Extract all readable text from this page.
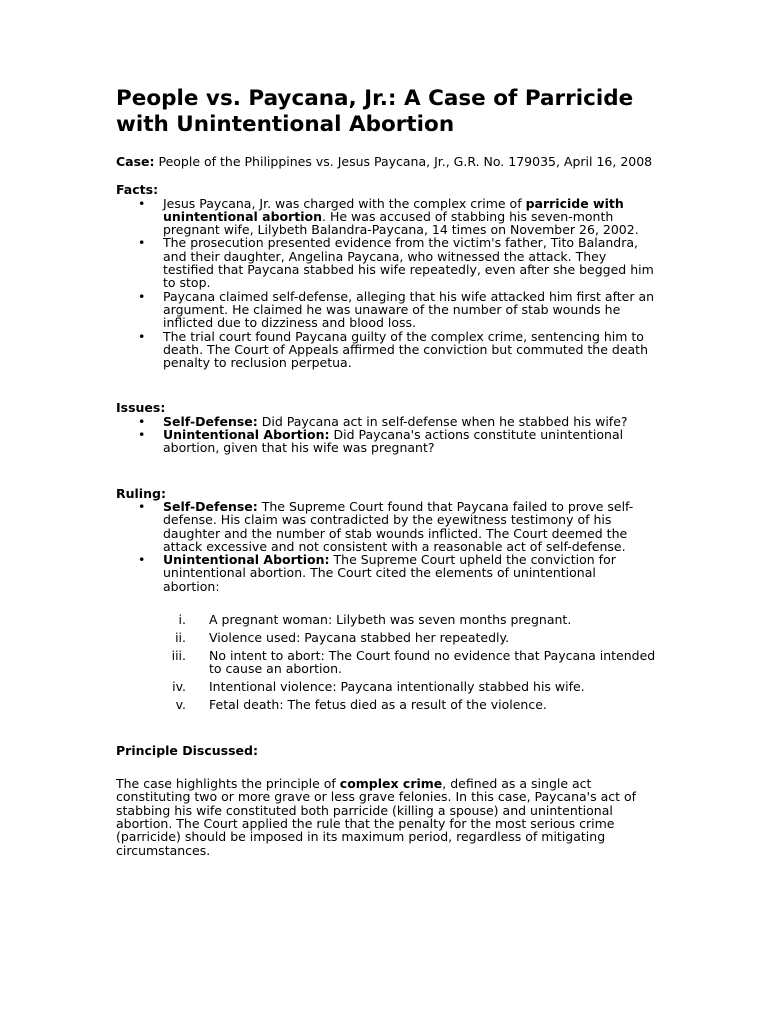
People vs. Paycana, Jr.: A Case of Parricide with Unintentional Abortion

Case: People of the Philippines vs. Jesus Paycana, Jr., G.R. No. 179035, April 16, 2008

Facts:

• Jesus Paycana, Jr. was charged with the complex crime of parricide with unintentional abortion. He was accused of stabbing his seven-month pregnant wife, Lilybeth Balandra-Paycana, 14 times on November 26, 2002.
• The prosecution presented evidence from the victim's father, Tito Balandra, and their daughter, Angelina Paycana, who witnessed the attack. They testified that Paycana stabbed his wife repeatedly, even after she begged him to stop.
• Paycana claimed self-defense, alleging that his wife attacked him first after an argument. He claimed he was unaware of the number of stab wounds he inflicted due to dizziness and blood loss.
• The trial court found Paycana guilty of the complex crime, sentencing him to death. The Court of Appeals affirmed the conviction but commuted the death penalty to reclusion perpetua.

Issues:

• Self-Defense: Did Paycana act in self-defense when he stabbed his wife?
• Unintentional Abortion: Did Paycana's actions constitute unintentional abortion, given that his wife was pregnant?

Ruling:

• Self-Defense: The Supreme Court found that Paycana failed to prove self-defense. His claim was contradicted by the eyewitness testimony of his daughter and the number of stab wounds inflicted. The Court deemed the attack excessive and not consistent with a reasonable act of self-defense.
• Unintentional Abortion: The Supreme Court upheld the conviction for unintentional abortion. The Court cited the elements of unintentional abortion:
i. A pregnant woman: Lilybeth was seven months pregnant.
ii. Violence used: Paycana stabbed her repeatedly.
iii. No intent to abort: The Court found no evidence that Paycana intended to cause an abortion.
iv. Intentional violence: Paycana intentionally stabbed his wife.
v. Fetal death: The fetus died as a result of the violence.

Principle Discussed:

The case highlights the principle of complex crime, defined as a single act constituting two or more grave or less grave felonies. In this case, Paycana's act of stabbing his wife constituted both parricide (killing a spouse) and unintentional abortion. The Court applied the rule that the penalty for the most serious crime (parricide) should be imposed in its maximum period, regardless of mitigating circumstances.
